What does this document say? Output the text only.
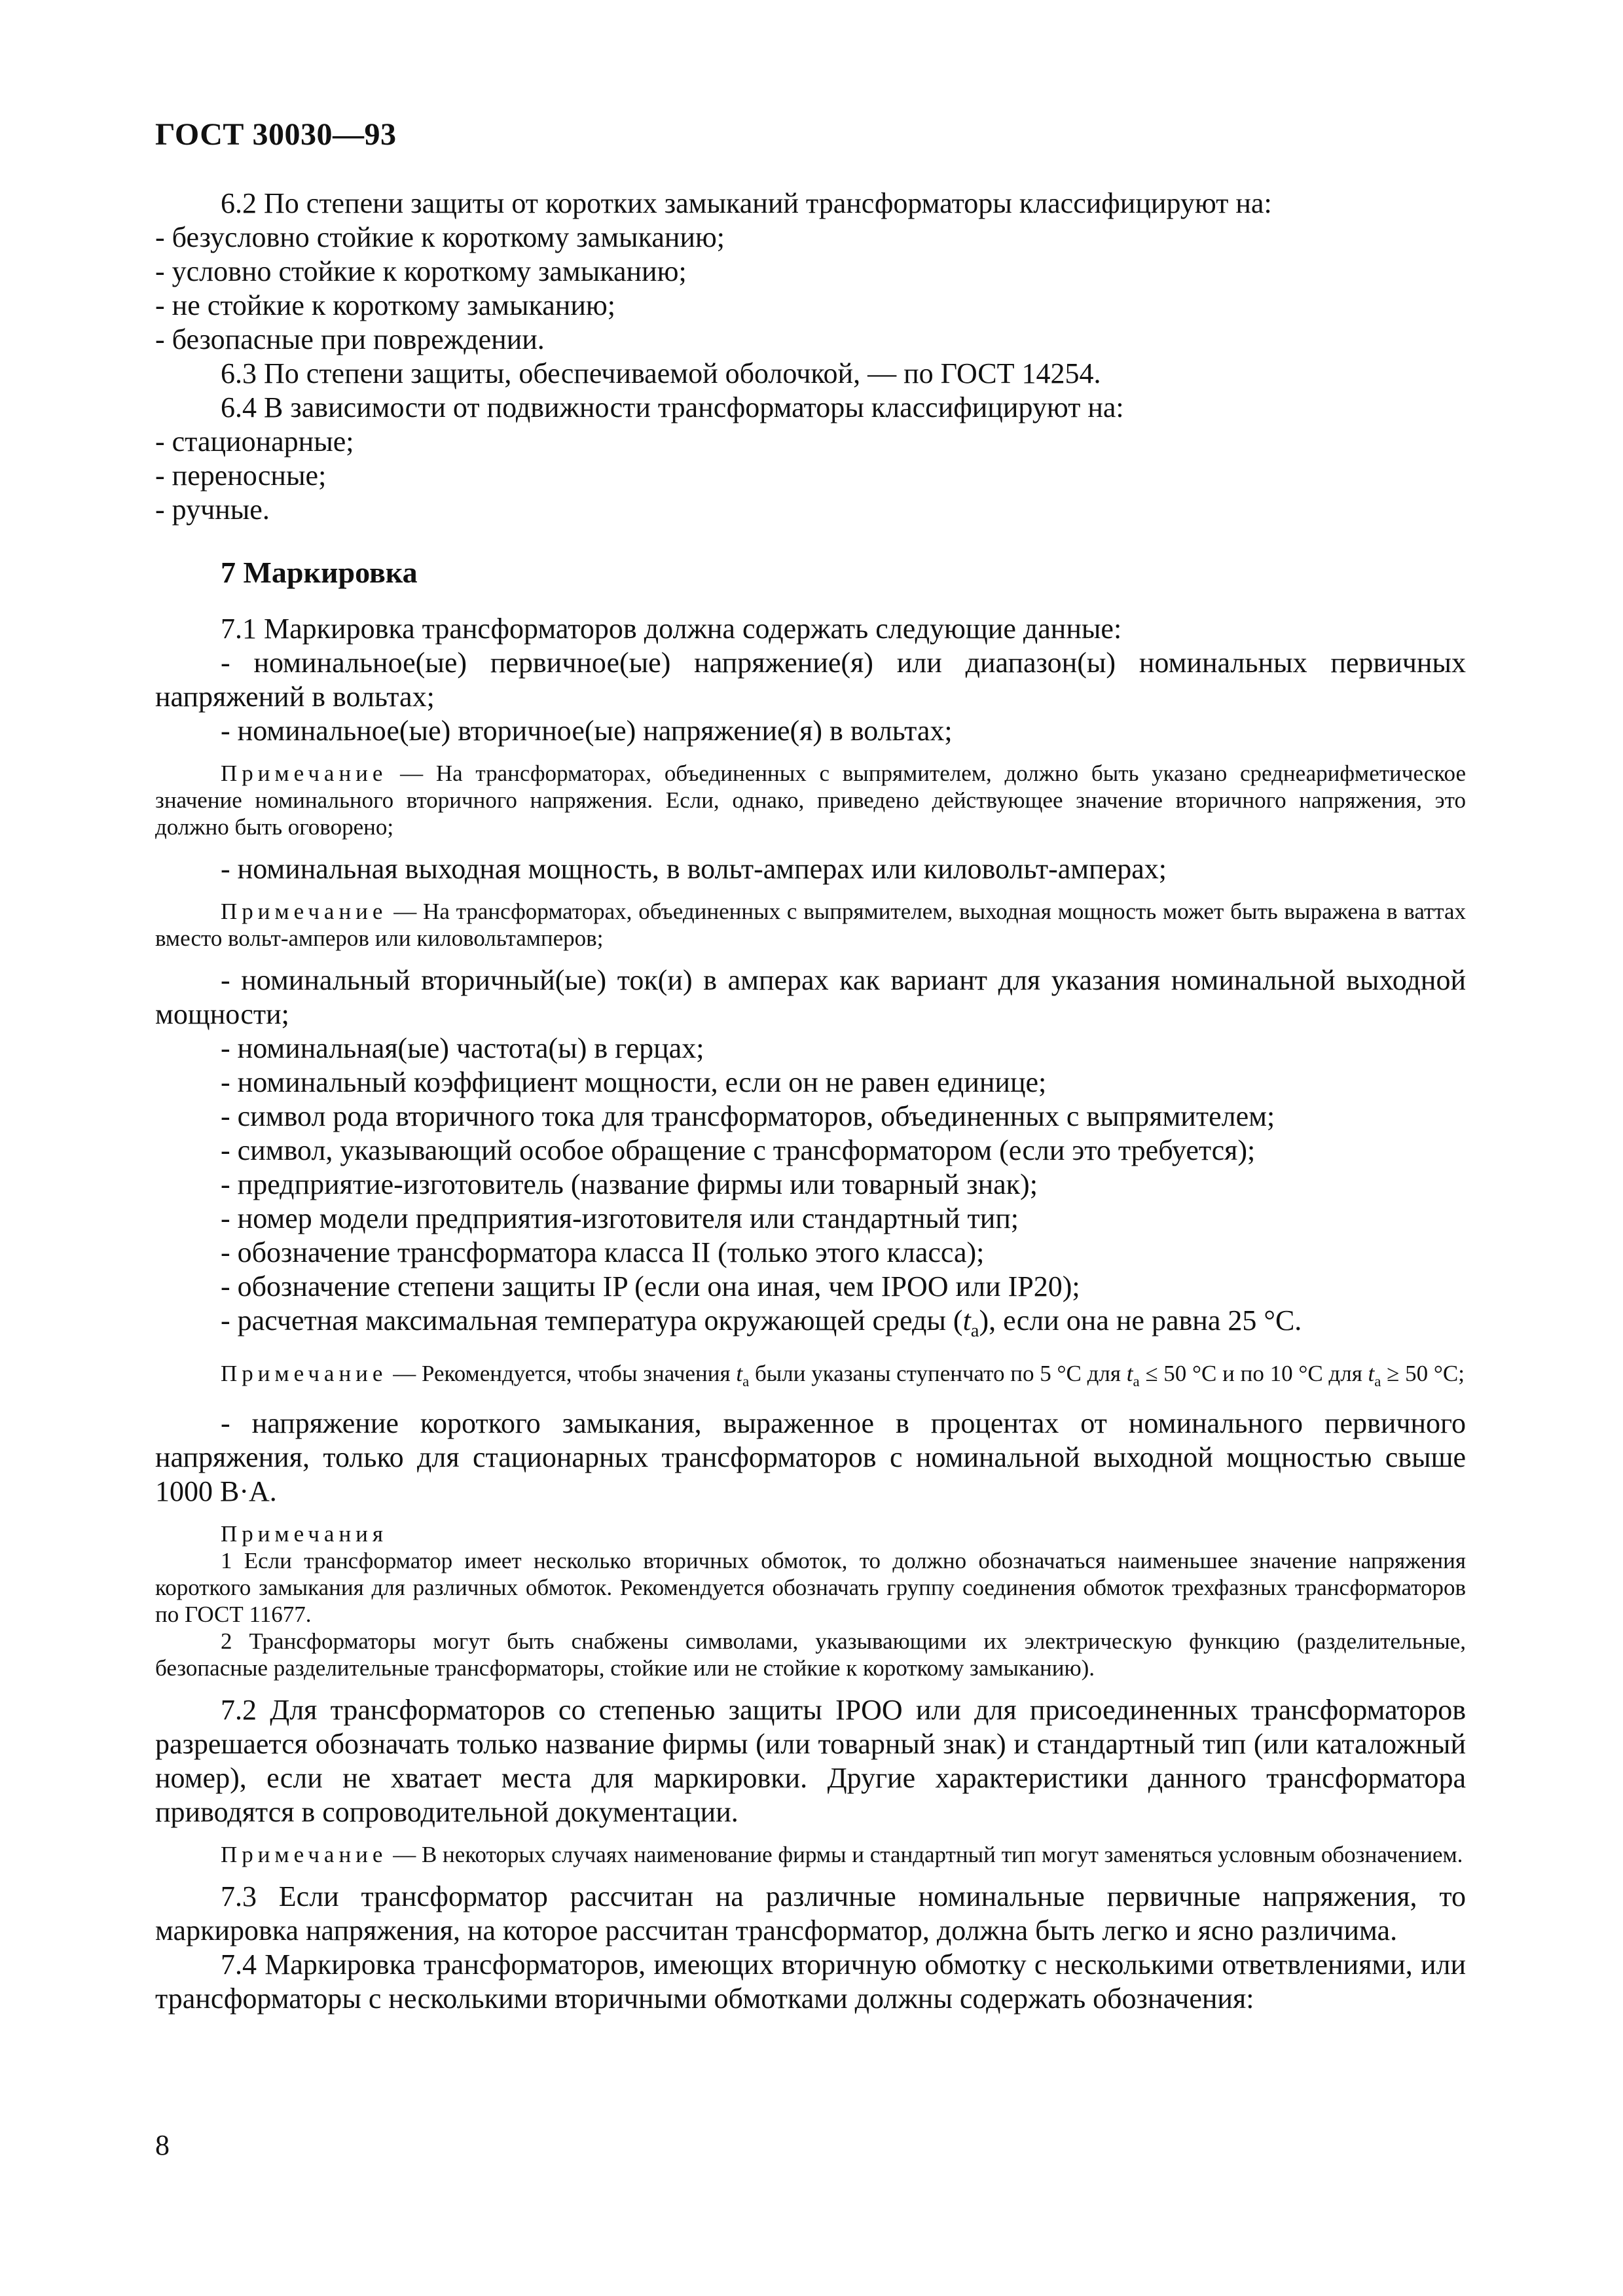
ГОСТ 30030—93

6.2 По степени защиты от коротких замыканий трансформаторы классифицируют на:

- безусловно стойкие к короткому замыканию;

- условно стойкие к короткому замыканию;

- не стойкие к короткому замыканию;

- безопасные при повреждении.

6.3 По степени защиты, обеспечиваемой оболочкой, — по ГОСТ 14254.

6.4 В зависимости от подвижности трансформаторы классифицируют на:

- стационарные;

- переносные;

- ручные.

7 Маркировка

7.1 Маркировка трансформаторов должна содержать следующие данные:

- номинальное(ые) первичное(ые) напряжение(я) или диапазон(ы) номинальных первичных напряжений в вольтах;

- номинальное(ые) вторичное(ые) напряжение(я) в вольтах;

Примечание — На трансформаторах, объединенных с выпрямителем, должно быть указано среднеарифметическое значение номинального вторичного напряжения. Если, однако, приведено действующее значение вторичного напряжения, это должно быть оговорено;

- номинальная выходная мощность, в вольт-амперах или киловольт-амперах;

Примечание — На трансформаторах, объединенных с выпрямителем, выходная мощность может быть выражена в ваттах вместо вольт-амперов или киловольтамперов;

- номинальный вторичный(ые) ток(и) в амперах как вариант для указания номинальной выходной мощности;

- номинальная(ые) частота(ы) в герцах;

- номинальный коэффициент мощности, если он не равен единице;

- символ рода вторичного тока для трансформаторов, объединенных с выпрямителем;

- символ, указывающий особое обращение с трансформатором (если это требуется);

- предприятие-изготовитель (название фирмы или товарный знак);

- номер модели предприятия-изготовителя или стандартный тип;

- обозначение трансформатора класса II (только этого класса);

- обозначение степени защиты IP (если она иная, чем IPOO или IP20);

- расчетная максимальная температура окружающей среды $(t_a)$, если она не равна 25 °С.

Примечание — Рекомендуется, чтобы значения $t_a$ были указаны ступенчато по 5 °С для $t_a \le 50$ °С и по 10 °С для $t_a \ge 50$ °С;

- напряжение короткого замыкания, выраженное в процентах от номинального первичного напряжения, только для стационарных трансформаторов с номинальной выходной мощностью свыше 1000 В·А.

Примечания

1 Если трансформатор имеет несколько вторичных обмоток, то должно обозначаться наименьшее значение напряжения короткого замыкания для различных обмоток. Рекомендуется обозначать группу соединения обмоток трехфазных трансформаторов по ГОСТ 11677.

2 Трансформаторы могут быть снабжены символами, указывающими их электрическую функцию (разделительные, безопасные разделительные трансформаторы, стойкие или не стойкие к короткому замыканию).

7.2 Для трансформаторов со степенью защиты IPOO или для присоединенных трансформаторов разрешается обозначать только название фирмы (или товарный знак) и стандартный тип (или каталожный номер), если не хватает места для маркировки. Другие характеристики данного трансформатора приводятся в сопроводительной документации.

Примечание — В некоторых случаях наименование фирмы и стандартный тип могут заменяться условным обозначением.

7.3 Если трансформатор рассчитан на различные номинальные первичные напряжения, то маркировка напряжения, на которое рассчитан трансформатор, должна быть легко и ясно различима.

7.4 Маркировка трансформаторов, имеющих вторичную обмотку с несколькими ответвлениями, или трансформаторы с несколькими вторичными обмотками должны содержать обозначения:

8
